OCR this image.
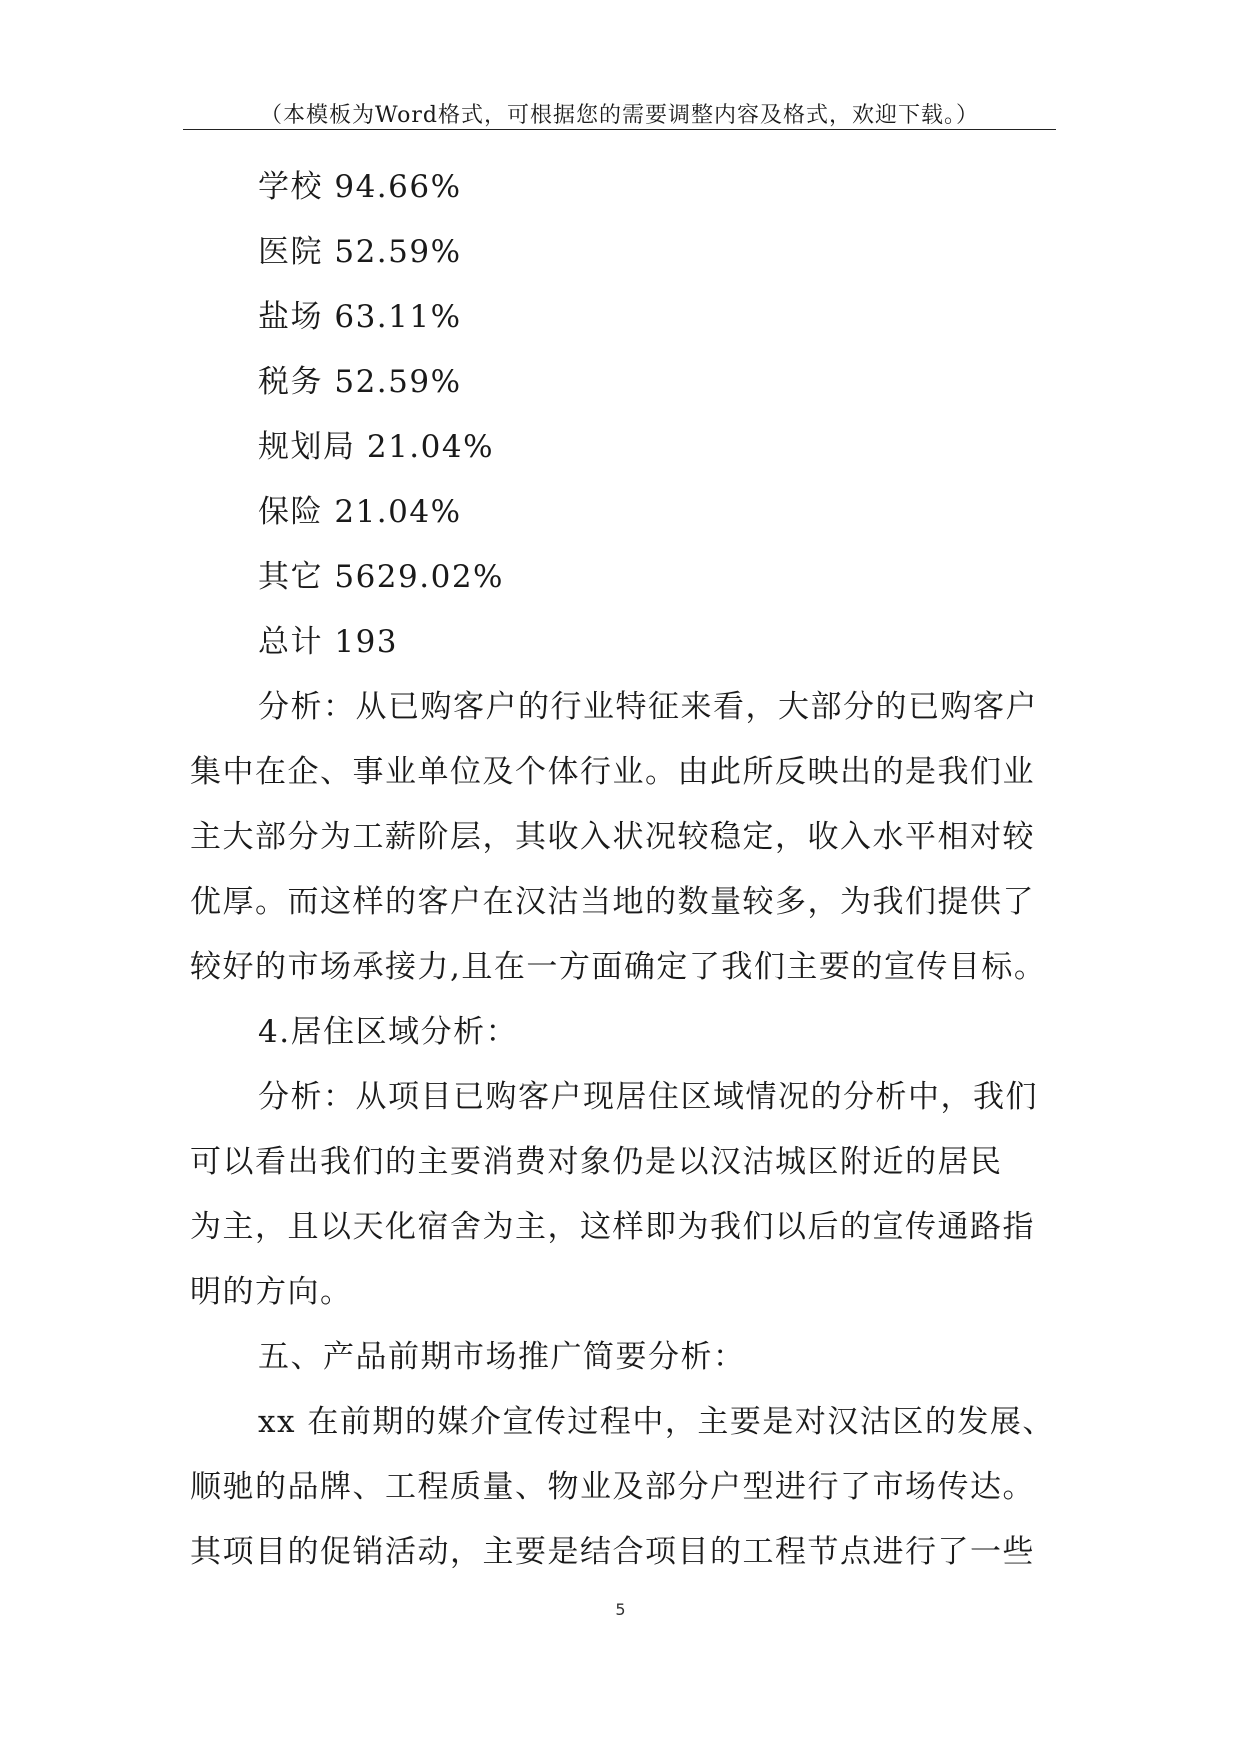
（本模板为Word格式，可根据您的需要调整内容及格式，欢迎下载。）
学校 94.66%
医院 52.59%
盐场 63.11%
税务 52.59%
规划局 21.04%
保险 21.04%
其它 5629.02%
总计 193
分析：从已购客户的行业特征来看，大部分的已购客户
集中在企、事业单位及个体行业。由此所反映出的是我们业
主大部分为工薪阶层，其收入状况较稳定，收入水平相对较
优厚。而这样的客户在汉沽当地的数量较多，为我们提供了
较好的市场承接力,且在一方面确定了我们主要的宣传目标。
4.居住区域分析：
分析：从项目已购客户现居住区域情况的分析中，我们
可以看出我们的主要消费对象仍是以汉沽城区附近的居民
为主，且以天化宿舍为主，这样即为我们以后的宣传通路指
明的方向。
五、产品前期市场推广简要分析：
xx 在前期的媒介宣传过程中，主要是对汉沽区的发展、
顺驰的品牌、工程质量、物业及部分户型进行了市场传达。
其项目的促销活动，主要是结合项目的工程节点进行了一些
5
